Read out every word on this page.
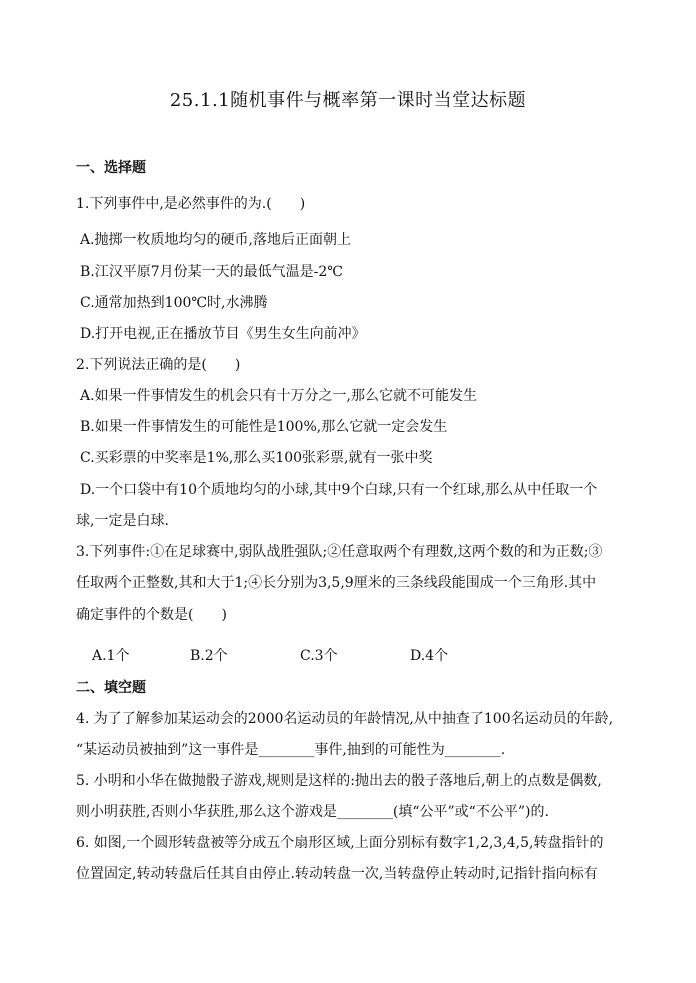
25.1.1随机事件与概率第一课时当堂达标题
一、选择题
1.下列事件中,是必然事件的为.(　　)
A.抛掷一枚质地均匀的硬币,落地后正面朝上
B.江汉平原7月份某一天的最低气温是-2℃
C.通常加热到100℃时,水沸腾
D.打开电视,正在播放节目《男生女生向前冲》
2.下列说法正确的是(　　)
A.如果一件事情发生的机会只有十万分之一,那么它就不可能发生
B.如果一件事情发生的可能性是100%,那么它就一定会发生
C.买彩票的中奖率是1%,那么买100张彩票,就有一张中奖
D.一个口袋中有10个质地均匀的小球,其中9个白球,只有一个红球,那么从中任取一个
球,一定是白球.
3.下列事件:①在足球赛中,弱队战胜强队;②任意取两个有理数,这两个数的和为正数;③
任取两个正整数,其和大于1;④长分别为3,5,9厘米的三条线段能围成一个三角形.其中
确定事件的个数是(　　)
A.1个	B.2个	C.3个	D.4个
二、填空题
4. 为了了解参加某运动会的2000名运动员的年龄情况,从中抽查了100名运动员的年龄,
“某运动员被抽到”这一事件是________事件,抽到的可能性为________.
5. 小明和小华在做抛骰子游戏,规则是这样的:抛出去的骰子落地后,朝上的点数是偶数,
则小明获胜,否则小华获胜,那么这个游戏是________(填“公平”或“不公平”)的.
6. 如图,一个圆形转盘被等分成五个扇形区域,上面分别标有数字1,2,3,4,5,转盘指针的
位置固定,转动转盘后任其自由停止.转动转盘一次,当转盘停止转动时,记指针指向标有
